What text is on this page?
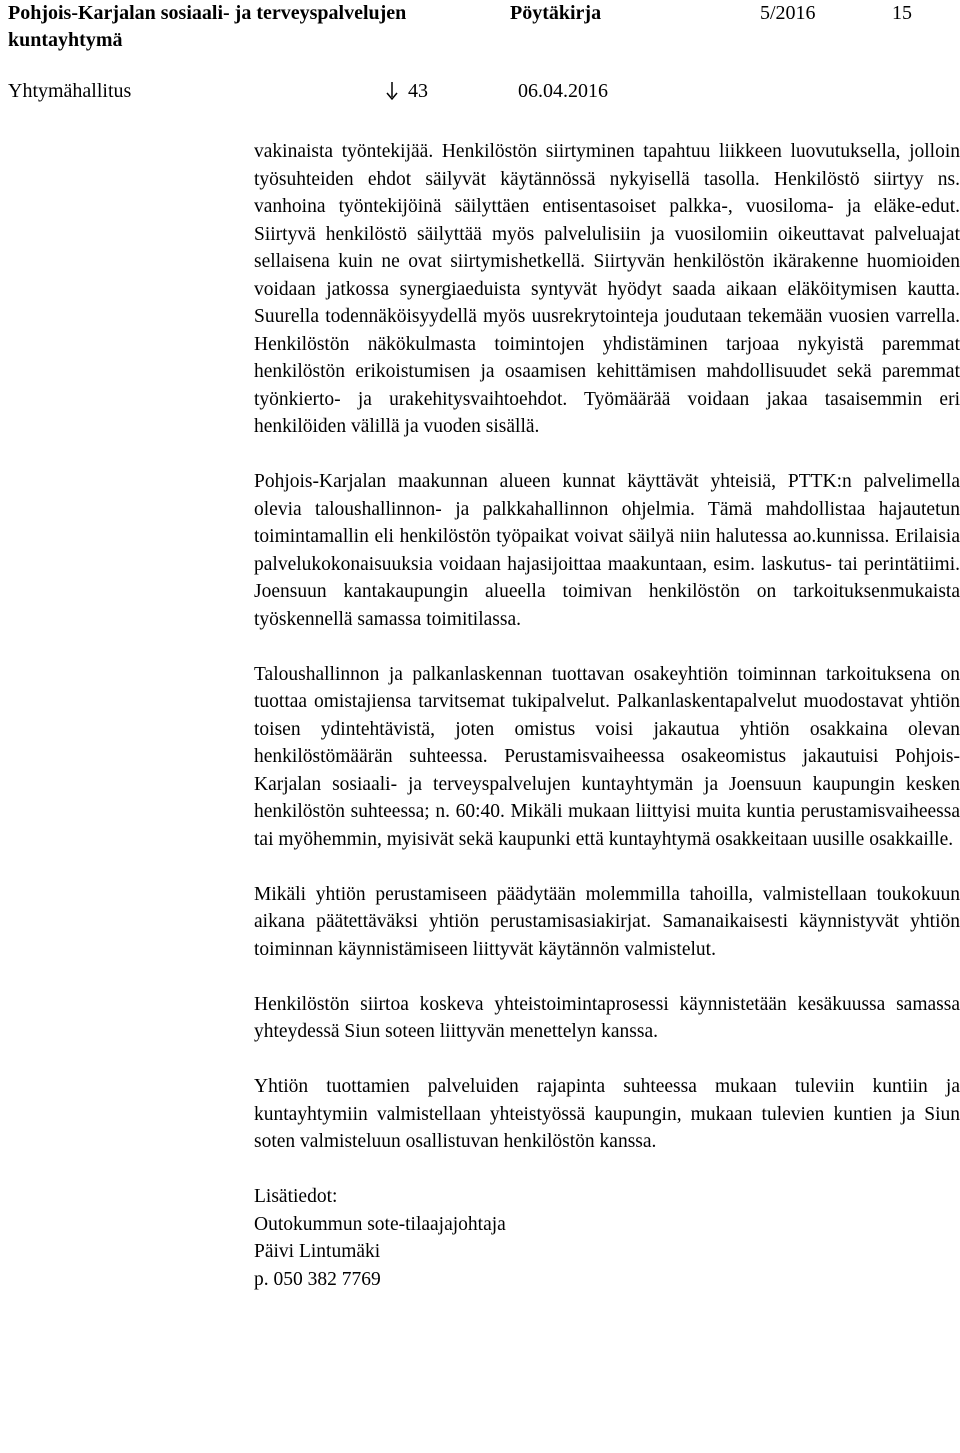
Pohjois-Karjalan sosiaali- ja terveyspalvelujen kuntayhtymä
Pöytäkirja	5/2016	15
Yhtymähallitus	43	06.04.2016

vakinaista työntekijää. Henkilöstön siirtyminen tapahtuu liikkeen luovutuksella, jolloin työsuhteiden ehdot säilyvät käytännössä nykyisellä tasolla. Henkilöstö siirtyy ns. vanhoina työntekijöinä säilyttäen entisentasoiset palkka-, vuosiloma- ja eläke-edut. Siirtyvä henkilöstö säilyttää myös palvelulisiin ja vuosilomiin oikeuttavat palveluajat sellaisena kuin ne ovat siirtymishetkellä. Siirtyvän henkilöstön ikärakenne huomioiden voidaan jatkossa synergiaeduista syntyvät hyödyt saada aikaan eläköitymisen kautta. Suurella todennäköisyydellä myös uusrekrytointeja joudutaan tekemään vuosien varrella. Henkilöstön näkökulmasta toimintojen yhdistäminen tarjoaa nykyistä paremmat henkilöstön erikoistumisen ja osaamisen kehittämisen mahdollisuudet sekä paremmat työnkierto- ja urakehitysvaihtoehdot. Työmäärää voidaan jakaa tasaisemmin eri henkilöiden välillä ja vuoden sisällä.

Pohjois-Karjalan maakunnan alueen kunnat käyttävät yhteisiä, PTTK:n palvelimella olevia taloushallinnon- ja palkkahallinnon ohjelmia. Tämä mahdollistaa hajautetun toimintamallin eli henkilöstön työpaikat voivat säilyä niin halutessa ao.kunnissa. Erilaisia palvelukokonaisuuksia voidaan hajasijoittaa maakuntaan, esim. laskutus- tai perintätiimi. Joensuun kantakaupungin alueella toimivan henkilöstön on tarkoituksenmukaista työskennellä samassa toimitilassa.

Taloushallinnon ja palkanlaskennan tuottavan osakeyhtiön toiminnan tarkoituksena on tuottaa omistajiensa tarvitsemat tukipalvelut. Palkanlaskentapalvelut muodostavat yhtiön toisen ydintehtävistä, joten omistus voisi jakautua yhtiön osakkaina olevan henkilöstömäärän suhteessa. Perustamisvaiheessa osakeomistus jakautuisi Pohjois-Karjalan sosiaali- ja terveyspalvelujen kuntayhtymän ja Joensuun kaupungin kesken henkilöstön suhteessa; n. 60:40. Mikäli mukaan liittyisi muita kuntia perustamisvaiheessa tai myöhemmin, myisivät sekä kaupunki että kuntayhtymä osakkeitaan uusille osakkaille.

Mikäli yhtiön perustamiseen päädytään molemmilla tahoilla, valmistellaan toukokuun aikana päätettäväksi yhtiön perustamisasiakirjat. Samanaikaisesti käynnistyvät yhtiön toiminnan käynnistämiseen liittyvät käytännön valmistelut.

Henkilöstön siirtoa koskeva yhteistoimintaprosessi käynnistetään kesäkuussa samassa yhteydessä Siun soteen liittyvän menettelyn kanssa.

Yhtiön tuottamien palveluiden rajapinta suhteessa mukaan tuleviin kuntiin ja kuntayhtymiin valmistellaan yhteistyössä kaupungin, mukaan tulevien kuntien ja Siun soten valmisteluun osallistuvan henkilöstön kanssa.

Lisätiedot:
Outokummun sote-tilaajajohtaja
Päivi Lintumäki
p. 050 382 7769
